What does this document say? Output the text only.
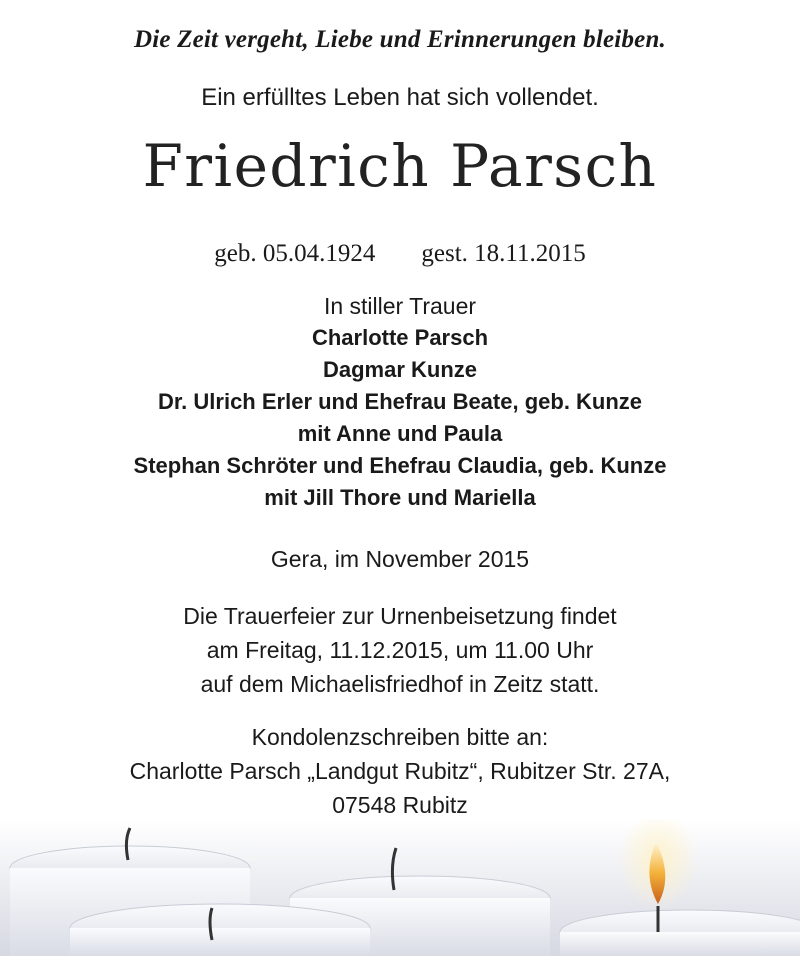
Die Zeit vergeht, Liebe und Erinnerungen bleiben.
Ein erfülltes Leben hat sich vollendet.
Friedrich Parsch
geb. 05.04.1924 gest. 18.11.2015
In stiller Trauer
Charlotte Parsch
Dagmar Kunze
Dr. Ulrich Erler und Ehefrau Beate, geb. Kunze
mit Anne und Paula
Stephan Schröter und Ehefrau Claudia, geb. Kunze
mit Jill Thore und Mariella
Gera, im November 2015
Die Trauerfeier zur Urnenbeisetzung findet
am Freitag, 11.12.2015, um 11.00 Uhr
auf dem Michaelisfriedhof in Zeitz statt.
Kondolenzschreiben bitte an:
Charlotte Parsch „Landgut Rubitz“, Rubitzer Str. 27A,
07548 Rubitz
